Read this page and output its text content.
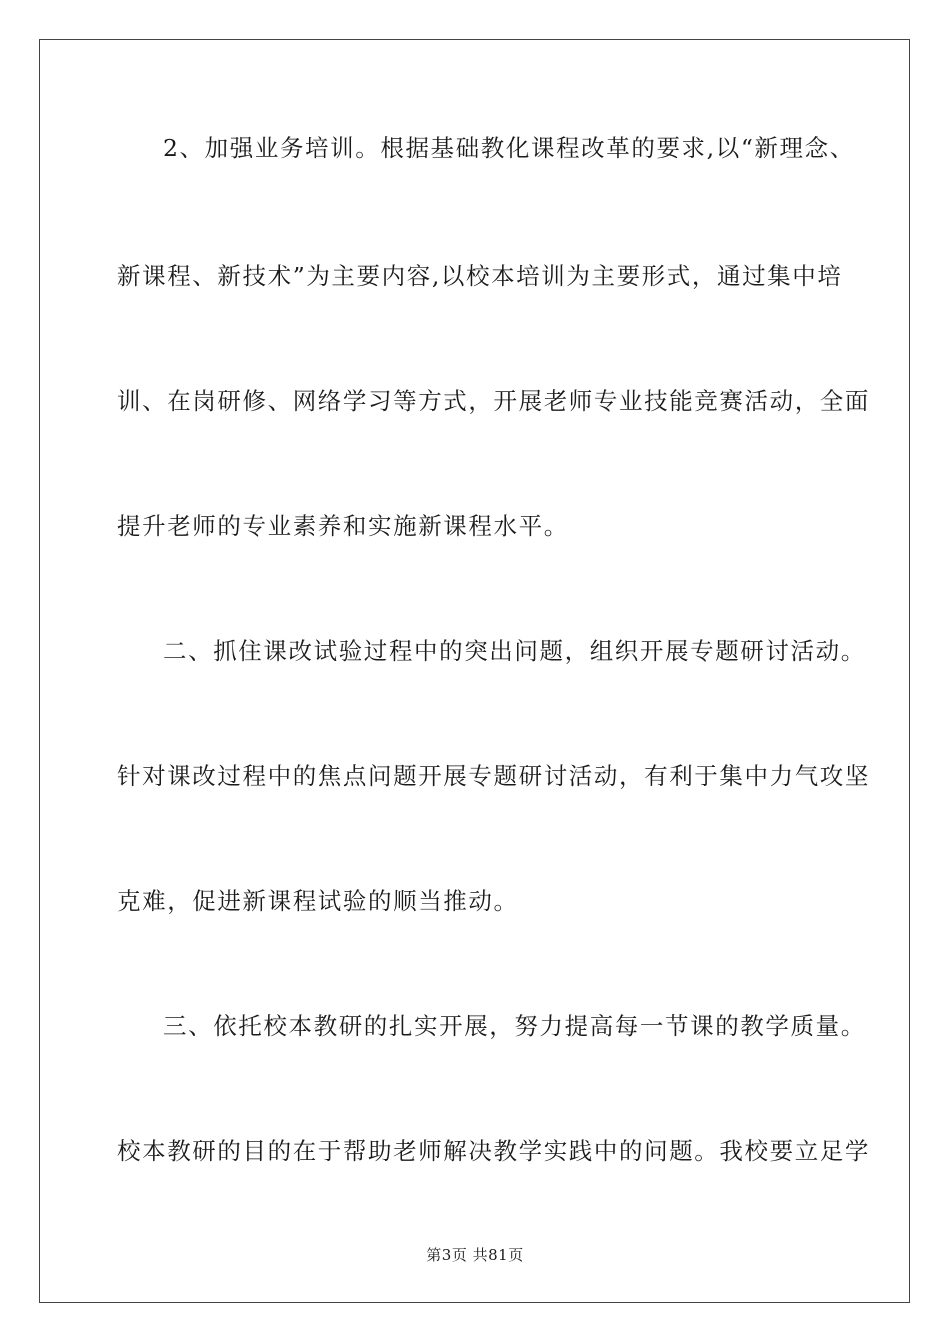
2、加强业务培训。根据基础教化课程改革的要求,以“新理念、
新课程、新技术”为主要内容,以校本培训为主要形式，通过集中培
训、在岗研修、网络学习等方式，开展老师专业技能竞赛活动，全面
提升老师的专业素养和实施新课程水平。
二、抓住课改试验过程中的突出问题，组织开展专题研讨活动。
针对课改过程中的焦点问题开展专题研讨活动，有利于集中力气攻坚
克难，促进新课程试验的顺当推动。
三、依托校本教研的扎实开展，努力提高每一节课的教学质量。
校本教研的目的在于帮助老师解决教学实践中的问题。我校要立足学
第3页 共81页
